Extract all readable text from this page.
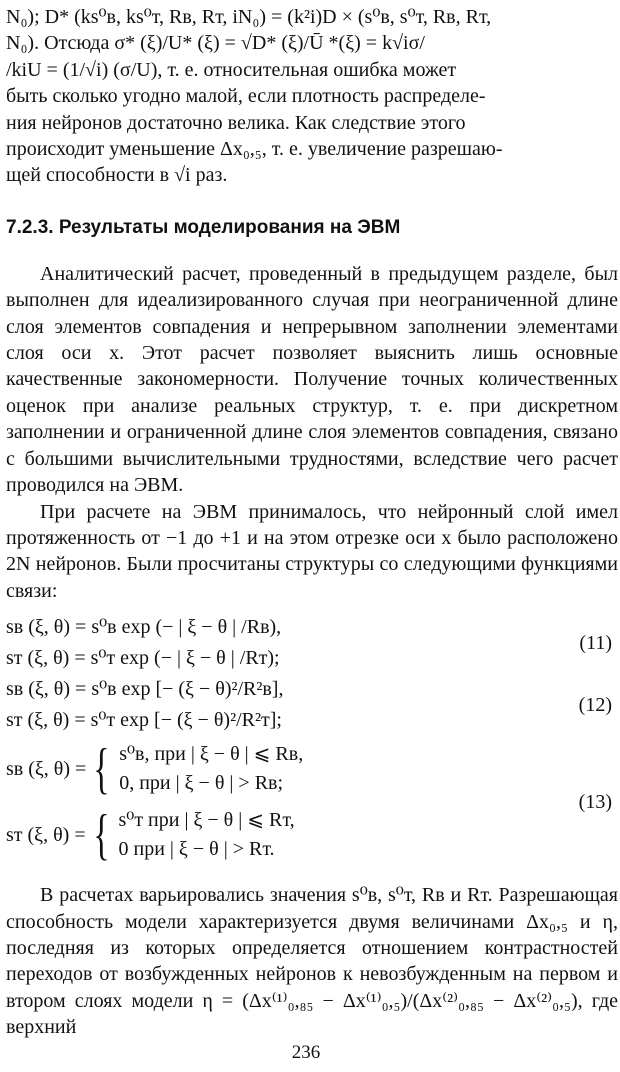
N₀); D* (ks⁰в, ks⁰т, Rв, Rт, iN₀) = (k²i)D × (s⁰в, s⁰т, Rв, Rт,

N₀). Отсюда σ* (ξ)/U* (ξ) = √D* (ξ)/Ū *(ξ) = k√iσ/

/kiU = (1/√i) (σ/U), т. е. относительная ошибка может

быть сколько угодно малой, если плотность распределе-

ния нейронов достаточно велика. Как следствие этого

происходит уменьшение Δx₀,₅, т. е. увеличение разрешаю-

щей способности в √i раз.

7.2.3. Результаты моделирования на ЭВМ

Аналитический расчет, проведенный в предыдущем разделе, был выполнен для идеализированного случая при неограниченной длине слоя элементов совпадения и непрерывном заполнении элементами слоя оси x. Этот расчет позволяет выяснить лишь основные качественные закономерности. Получение точных количественных оценок при анализе реальных структур, т. е. при дискретном заполнении и ограниченной длине слоя элементов совпадения, связано с большими вычислительными трудностями, вследствие чего расчет проводился на ЭВМ.

При расчете на ЭВМ принималось, что нейронный слой имел протяженность от −1 до +1 и на этом отрезке оси x было расположено 2N нейронов. Были просчитаны структуры со следующими функциями связи:

sв (ξ, θ) = s⁰в exp (− | ξ − θ | /Rв),
sт (ξ, θ) = s⁰т exp (− | ξ − θ | /Rт);
(11)
sв (ξ, θ) = s⁰в exp [− (ξ − θ)²/R²в],
sт (ξ, θ) = s⁰т exp [− (ξ − θ)²/R²т];
(12)
sв (ξ, θ) = { s⁰в, при | ξ − θ | ⩽ Rв,
0, при | ξ − θ | > Rв;
sт (ξ, θ) = { s⁰т при | ξ − θ | ⩽ Rт,
0 при | ξ − θ | > Rт.
(13)

В расчетах варьировались значения s⁰в, s⁰т, Rв и Rт. Разрешающая способность модели характеризуется двумя величинами Δx₀,₅ и η, последняя из которых определяется отношением контрастностей переходов от возбужденных нейронов к невозбужденным на первом и втором слоях модели η = (Δx⁽¹⁾₀,₈₅ − Δx⁽¹⁾₀,₅)/(Δx⁽²⁾₀,₈₅ − Δx⁽²⁾₀,₅), где верхний

236
